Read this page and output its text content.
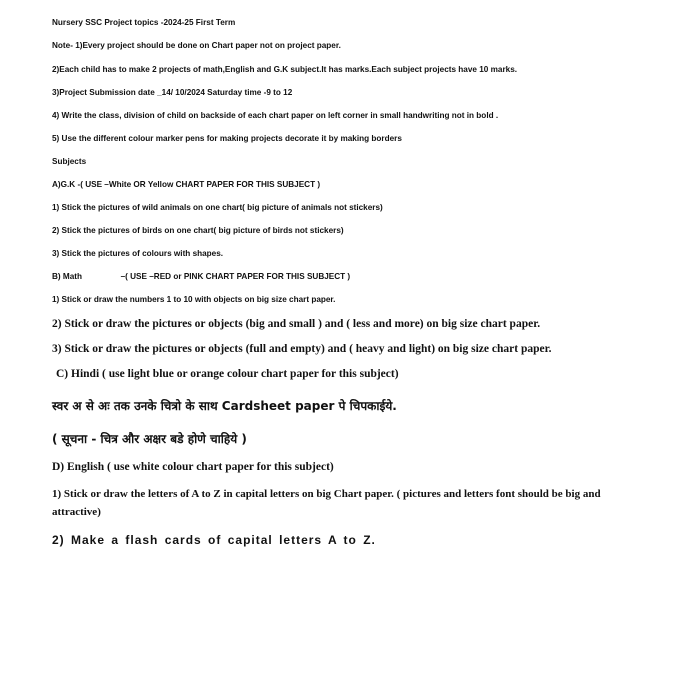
Nursery SSC Project topics -2024-25 First Term
Note- 1)Every project should be done on Chart paper not on project paper.
2)Each child has to make 2 projects of math,English and G.K subject.It has marks.Each subject projects have 10 marks.
3)Project Submission date _14/ 10/2024 Saturday time -9 to 12
4) Write the class, division of child on backside of each chart paper on left corner in small handwriting not in bold .
5) Use the different colour marker pens for making projects decorate it by making borders
Subjects
A)G.K -( USE –White OR Yellow CHART PAPER FOR THIS SUBJECT )
1) Stick the pictures of wild animals on one chart( big picture of animals not stickers)
2) Stick the pictures of birds on one chart( big picture of birds not stickers)
3) Stick the pictures of colours with shapes.
B) Math	–( USE –RED or PINK CHART PAPER FOR THIS SUBJECT )
1) Stick or draw the numbers 1 to 10 with objects on big size chart paper.
2) Stick or draw the pictures or objects (big and small ) and ( less and more) on big size chart paper.
3) Stick or draw the pictures or objects (full and empty) and ( heavy and light) on big size chart paper.
C) Hindi ( use light blue or orange colour chart paper for this subject)
स्वर अ से अः तक उनके चित्रो के साथ Cardsheet paper पे चिपकाईये.
( सूचना - चित्र और अक्षर बडे होणे चाहिये )
D) English ( use white colour chart paper for this subject)
1) Stick or draw the letters of A to Z in capital letters on big Chart paper. ( pictures and letters font should be big and attractive)
2) Make a flash cards of capital letters A to Z.
